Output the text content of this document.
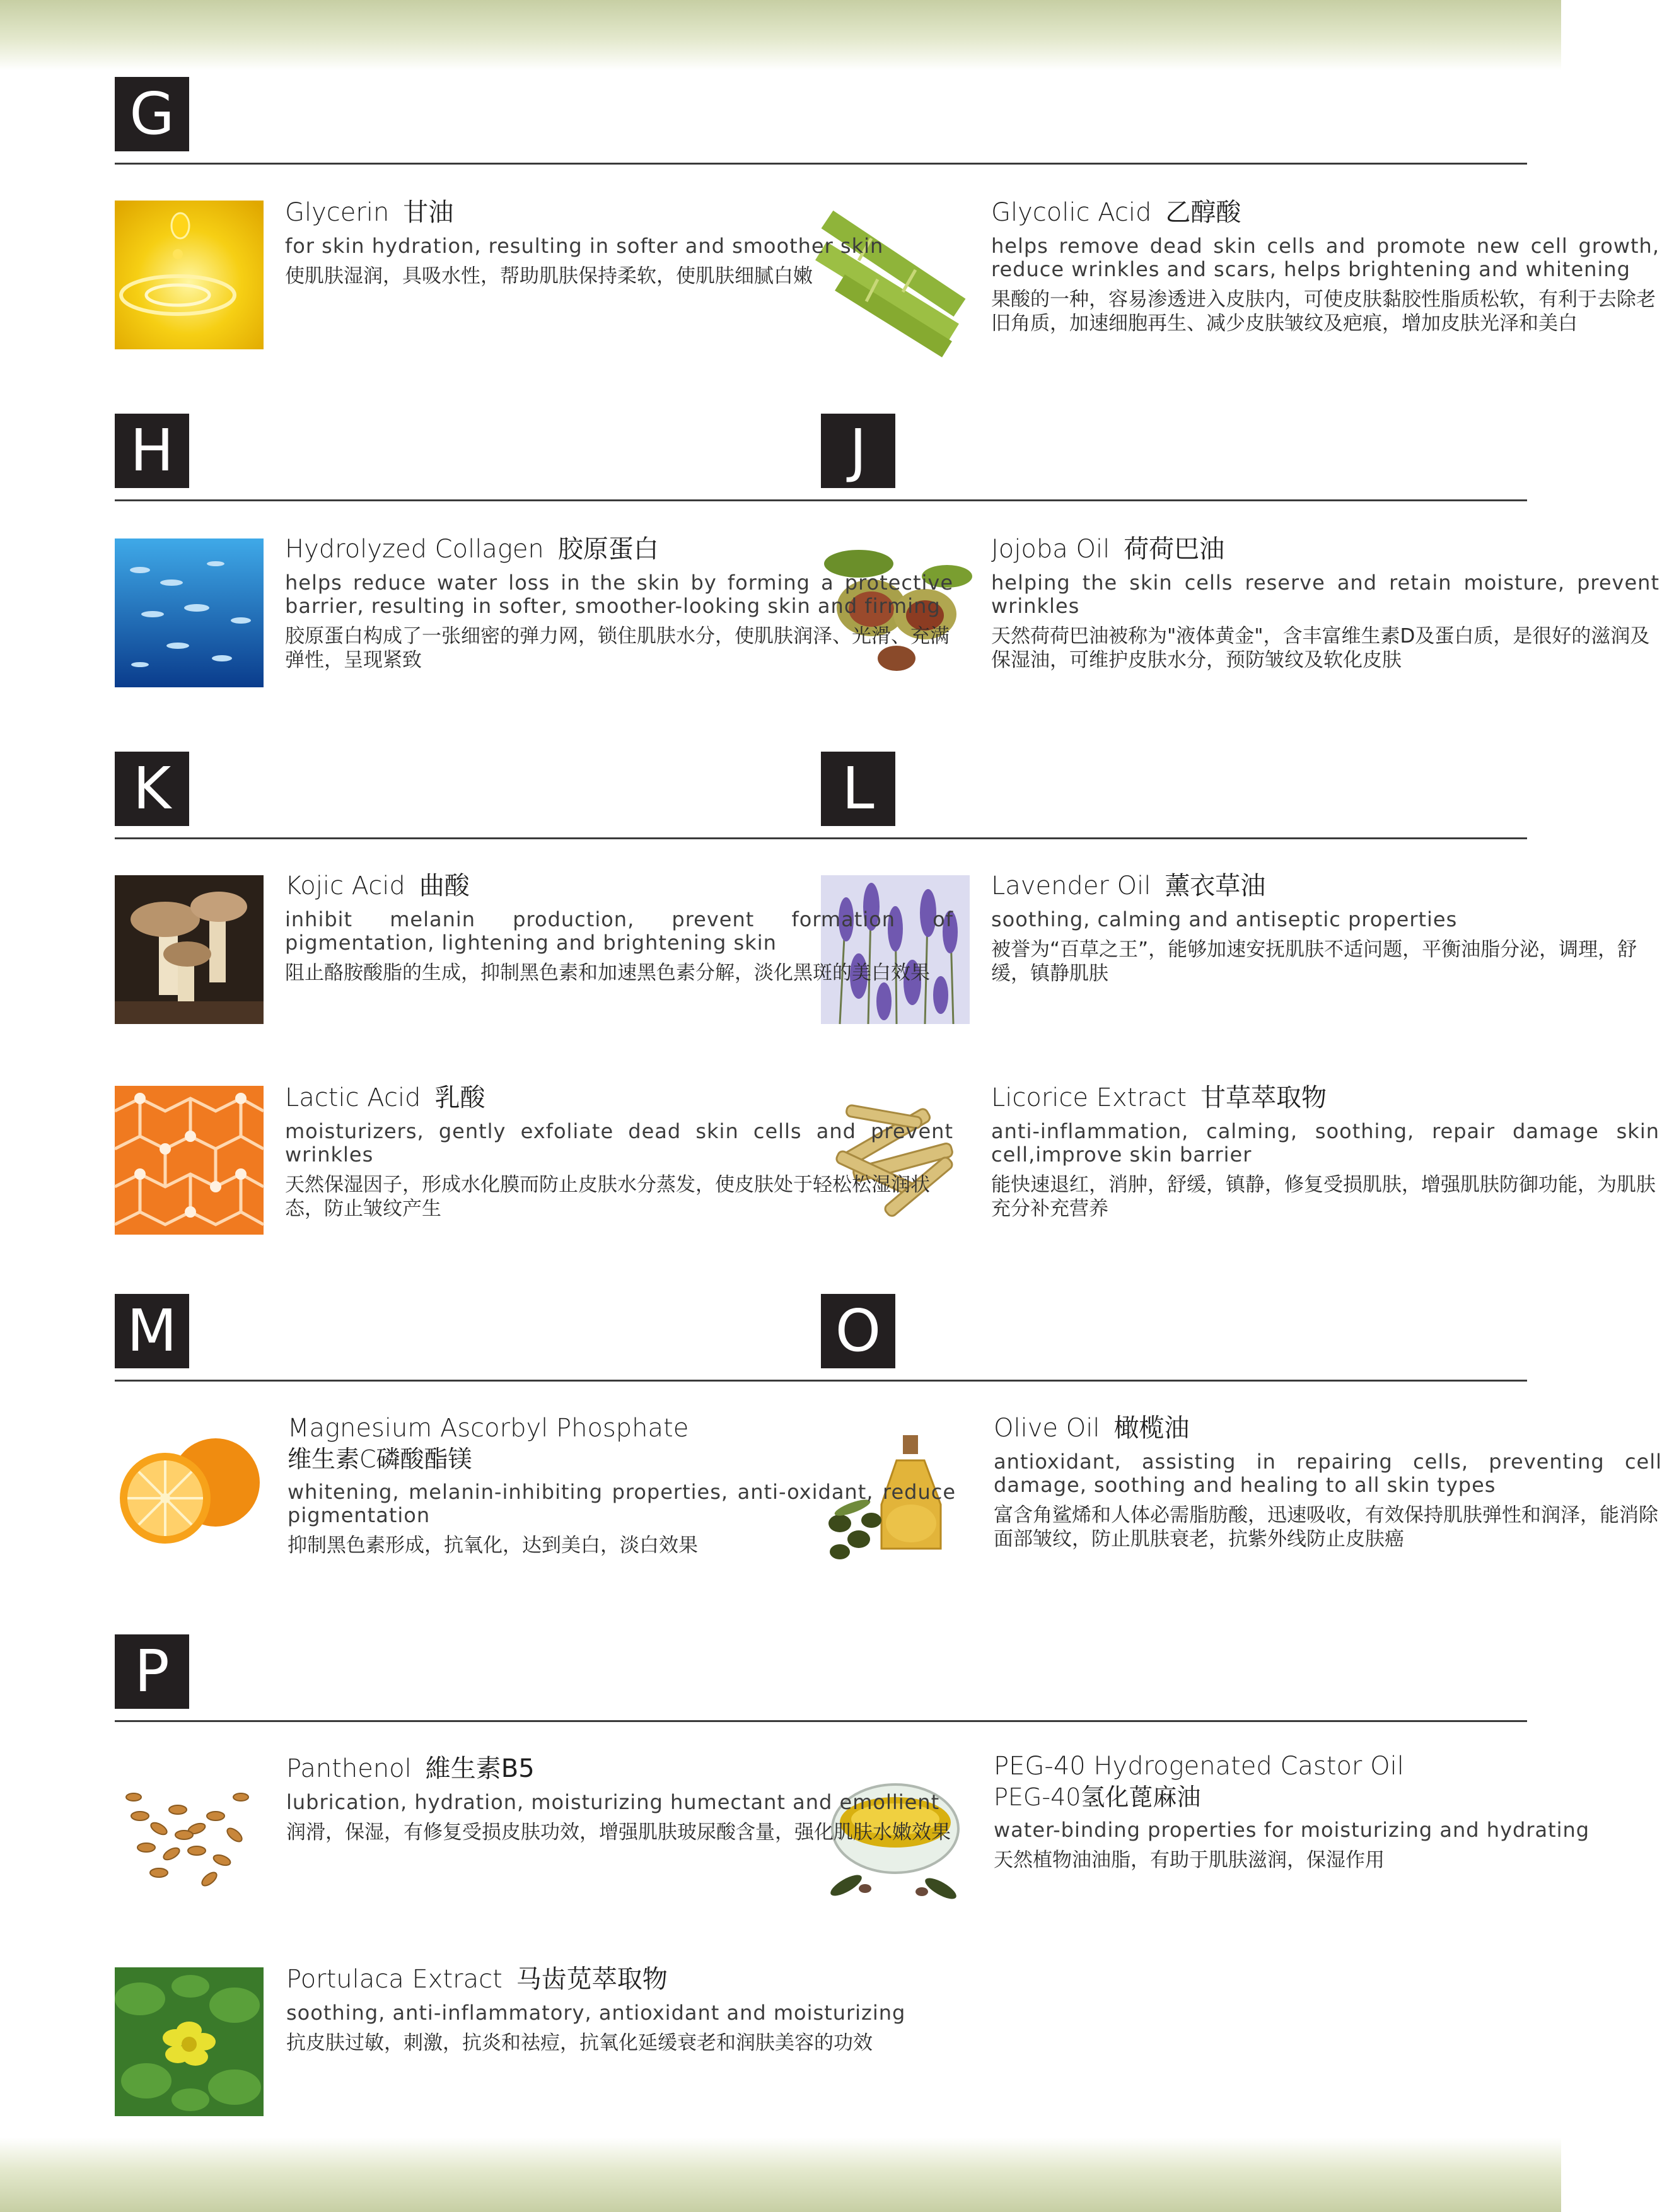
G
H	J
K	L
M	O
P
Glycerin 甘油

for skin hydration, resulting in softer and smoother skin

使肌肤湿润，具吸水性，帮助肌肤保持柔软，使肌肤细腻白嫩

Glycolic Acid 乙醇酸

helps remove dead skin cells and promote new cell growth, reduce wrinkles and scars, helps brightening and whitening

果酸的一种，容易渗透进入皮肤内，可使皮肤黏胶性脂质松软，有利于去除老旧角质，加速细胞再生、减少皮肤皱纹及疤痕，增加皮肤光泽和美白

Hydrolyzed Collagen 胶原蛋白

helps reduce water loss in the skin by forming a protective barrier, resulting in softer, smoother-looking skin and firming

胶原蛋白构成了一张细密的弹力网，锁住肌肤水分，使肌肤润泽、光滑、充满弹性，呈现紧致

Jojoba Oil 荷荷巴油

helping the skin cells reserve and retain moisture, prevent wrinkles

天然荷荷巴油被称为"液体黄金"，含丰富维生素D及蛋白质，是很好的滋润及保湿油，可维护皮肤水分，预防皱纹及软化皮肤

Kojic Acid 曲酸

inhibit melanin production, prevent formation of pigmentation, lightening and brightening skin

阻止酪胺酸脂的生成，抑制黑色素和加速黑色素分解，淡化黑斑的美白效果

Lavender Oil 薰衣草油

soothing, calming and antiseptic properties

被誉为“百草之王”，能够加速安抚肌肤不适问题，平衡油脂分泌，调理，舒缓，镇静肌肤

Lactic Acid 乳酸

moisturizers, gently exfoliate dead skin cells and prevent wrinkles

天然保湿因子，形成水化膜而防止皮肤水分蒸发，使皮肤处于轻松松湿润状态，防止皱纹产生

Licorice Extract 甘草萃取物

anti-inflammation, calming, soothing, repair damage skin cell,improve skin barrier

能快速退红，消肿，舒缓，镇静，修复受损肌肤，增强肌肤防御功能，为肌肤充分补充营养

Magnesium Ascorbyl Phosphate
维生素C磷酸酯镁

whitening, melanin-inhibiting properties, anti-oxidant, reduce pigmentation

抑制黑色素形成，抗氧化，达到美白，淡白效果

Olive Oil 橄榄油

antioxidant, assisting in repairing cells, preventing cell damage, soothing and healing to all skin types

富含角鲨烯和人体必需脂肪酸，迅速吸收，有效保持肌肤弹性和润泽，能消除面部皱纹，防止肌肤衰老，抗紫外线防止皮肤癌

Panthenol 維生素B5

lubrication, hydration, moisturizing humectant and emollient

润滑，保湿，有修复受损皮肤功效，增强肌肤玻尿酸含量，强化肌肤水嫩效果

PEG-40 Hydrogenated Castor Oil
PEG-40氢化蓖麻油

water-binding properties for moisturizing and hydrating

天然植物油油脂，有助于肌肤滋润，保湿作用

Portulaca Extract 马齿苋萃取物

soothing, anti-inflammatory, antioxidant and moisturizing

抗皮肤过敏，刺激，抗炎和祛痘，抗氧化延缓衰老和润肤美容的功效
